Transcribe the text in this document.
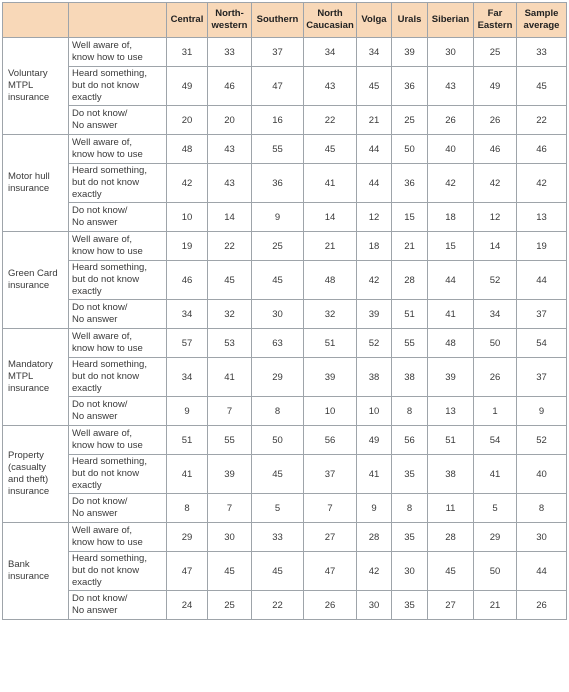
		Central	North-
western	Southern	North
Caucasian	Volga	Urals	Siberian	Far
Eastern	Sample
average
Voluntary
MTPL
insurance	Well aware of,
know how to use	31	33	37	34	34	39	30	25	33
	Heard something,
but do not know
exactly	49	46	47	43	45	36	43	49	45
	Do not know/
No answer	20	20	16	22	21	25	26	26	22
Motor hull
insurance	Well aware of,
know how to use	48	43	55	45	44	50	40	46	46
	Heard something,
but do not know
exactly	42	43	36	41	44	36	42	42	42
	Do not know/
No answer	10	14	9	14	12	15	18	12	13
Green Card
insurance	Well aware of,
know how to use	19	22	25	21	18	21	15	14	19
	Heard something,
but do not know
exactly	46	45	45	48	42	28	44	52	44
	Do not know/
No answer	34	32	30	32	39	51	41	34	37
Mandatory
MTPL
insurance	Well aware of,
know how to use	57	53	63	51	52	55	48	50	54
	Heard something,
but do not know
exactly	34	41	29	39	38	38	39	26	37
	Do not know/
No answer	9	7	8	10	10	8	13	1	9
Property
(casualty
and theft)
insurance	Well aware of,
know how to use	51	55	50	56	49	56	51	54	52
	Heard something,
but do not know
exactly	41	39	45	37	41	35	38	41	40
	Do not know/
No answer	8	7	5	7	9	8	11	5	8
Bank
insurance	Well aware of,
know how to use	29	30	33	27	28	35	28	29	30
	Heard something,
but do not know
exactly	47	45	45	47	42	30	45	50	44
	Do not know/
No answer	24	25	22	26	30	35	27	21	26
